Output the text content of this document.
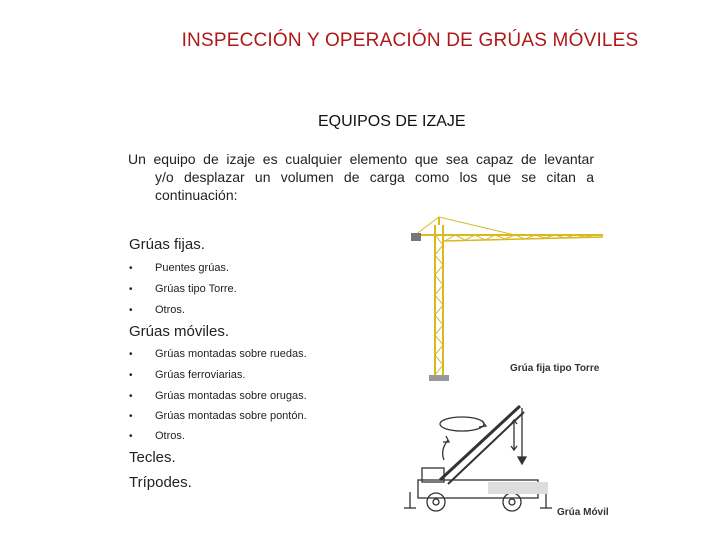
INSPECCIÓN Y OPERACIÓN DE GRÚAS MÓVILES
EQUIPOS DE IZAJE
Un equipo de izaje es cualquier elemento que sea capaz de levantar
y/o desplazar un volumen de carga como los que se citan a continuación:
Grúas fijas.
• Puentes grúas.
• Grúas tipo Torre.
• Otros.
Grúas móviles.
• Grúas montadas sobre ruedas.
• Grúas ferroviarias.
• Grúas montadas sobre orugas.
• Grúas montadas sobre pontón.
• Otros.
Tecles.
Trípodes.
Grúa fija tipo Torre
Grúa Móvil
